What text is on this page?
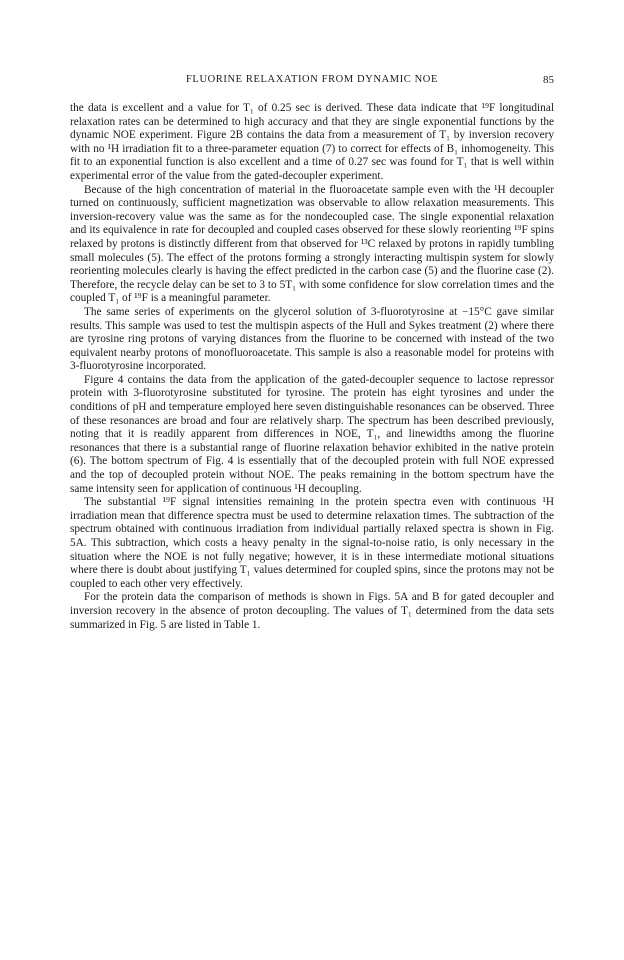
FLUORINE RELAXATION FROM DYNAMIC NOE	85

the data is excellent and a value for T₁ of 0.25 sec is derived. These data indicate that ¹⁹F longitudinal relaxation rates can be determined to high accuracy and that they are single exponential functions by the dynamic NOE experiment. Figure 2B contains the data from a measurement of T₁ by inversion recovery with no ¹H irradiation fit to a three-parameter equation (7) to correct for effects of B₁ inhomogeneity. This fit to an exponential function is also excellent and a time of 0.27 sec was found for T₁ that is well within experimental error of the value from the gated-decoupler experiment.

Because of the high concentration of material in the fluoroacetate sample even with the ¹H decoupler turned on continuously, sufficient magnetization was observable to allow relaxation measurements. This inversion-recovery value was the same as for the nondecoupled case. The single exponential relaxation and its equivalence in rate for decoupled and coupled cases observed for these slowly reorienting ¹⁹F spins relaxed by protons is distinctly different from that observed for ¹³C relaxed by protons in rapidly tumbling small molecules (5). The effect of the protons forming a strongly interacting multispin system for slowly reorienting molecules clearly is having the effect predicted in the carbon case (5) and the fluorine case (2). Therefore, the recycle delay can be set to 3 to 5T₁ with some confidence for slow correlation times and the coupled T₁ of ¹⁹F is a meaningful parameter.

The same series of experiments on the glycerol solution of 3-fluorotyrosine at −15°C gave similar results. This sample was used to test the multispin aspects of the Hull and Sykes treatment (2) where there are tyrosine ring protons of varying distances from the fluorine to be concerned with instead of the two equivalent nearby protons of monofluoroacetate. This sample is also a reasonable model for proteins with 3-fluorotyrosine incorporated.

Figure 4 contains the data from the application of the gated-decoupler sequence to lactose repressor protein with 3-fluorotyrosine substituted for tyrosine. The protein has eight tyrosines and under the conditions of pH and temperature employed here seven distinguishable resonances can be observed. Three of these resonances are broad and four are relatively sharp. The spectrum has been described previously, noting that it is readily apparent from differences in NOE, T₁, and linewidths among the fluorine resonances that there is a substantial range of fluorine relaxation behavior exhibited in the native protein (6). The bottom spectrum of Fig. 4 is essentially that of the decoupled protein with full NOE expressed and the top of decoupled protein without NOE. The peaks remaining in the bottom spectrum have the same intensity seen for application of continuous ¹H decoupling.

The substantial ¹⁹F signal intensities remaining in the protein spectra even with continuous ¹H irradiation mean that difference spectra must be used to determine relaxation times. The subtraction of the spectrum obtained with continuous irradiation from individual partially relaxed spectra is shown in Fig. 5A. This subtraction, which costs a heavy penalty in the signal-to-noise ratio, is only necessary in the situation where the NOE is not fully negative; however, it is in these intermediate motional situations where there is doubt about justifying T₁ values determined for coupled spins, since the protons may not be coupled to each other very effectively.

For the protein data the comparison of methods is shown in Figs. 5A and B for gated decoupler and inversion recovery in the absence of proton decoupling. The values of T₁ determined from the data sets summarized in Fig. 5 are listed in Table 1.
